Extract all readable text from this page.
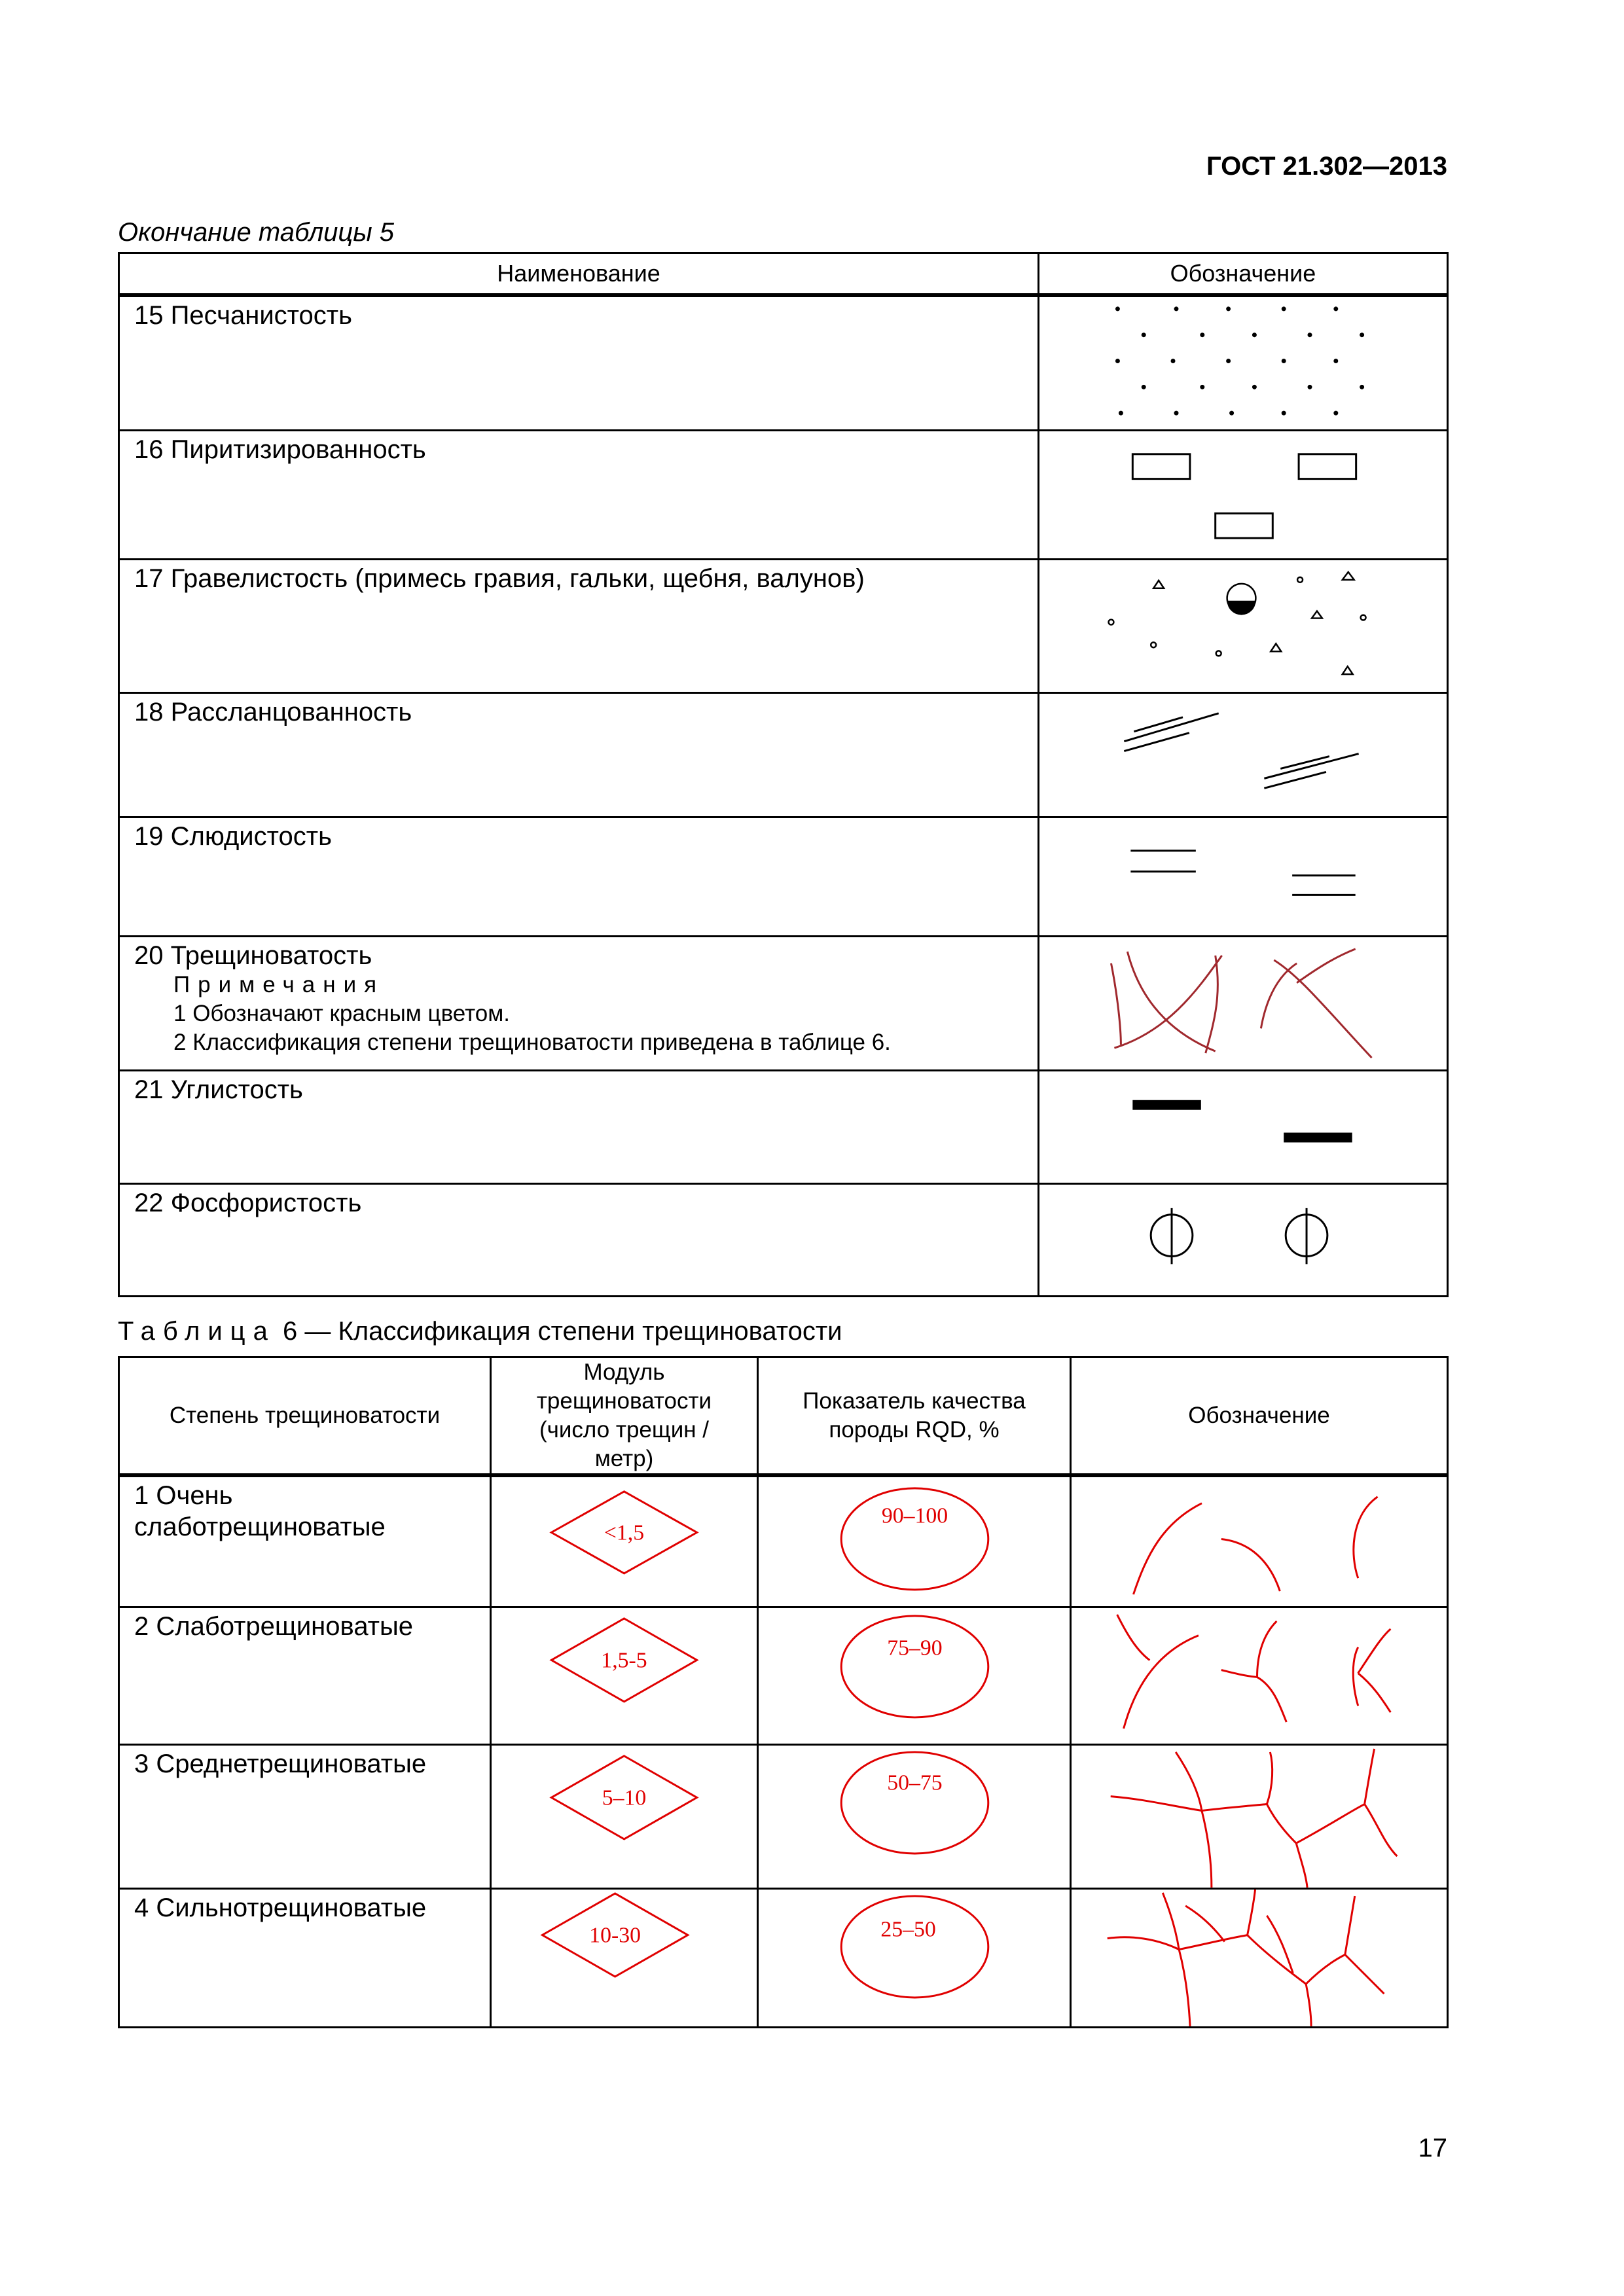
ГОСТ 21.302—2013
Окончание таблицы 5
Наименование	Обозначение
15 Песчанистость	

16 Пиритизированность	

17 Гравелистость (примесь гравия, гальки, щебня, валунов)	

18 Рассланцованность	

19 Слюдистость	

20 Трещиноватость
Примечания
1 Обозначают красным цветом.
2 Классификация степени трещиноватости приведена в таблице 6.

21 Углистость	

22 Фосфористость	
Таблица 6 — Классификация степени трещиноватости
Степень трещиноватости	Модуль трещиноватости (число трещин /метр)	Показатель качества породы RQD, %	Обозначение
1 Очень слаботрещиноватые	<1,5	90–100

2 Слаботрещиноватые	1,5-5	75–90

3 Среднетрещиноватые	5–10	50–75

4 Сильнотрещиноватые	10-30	25–50

17
